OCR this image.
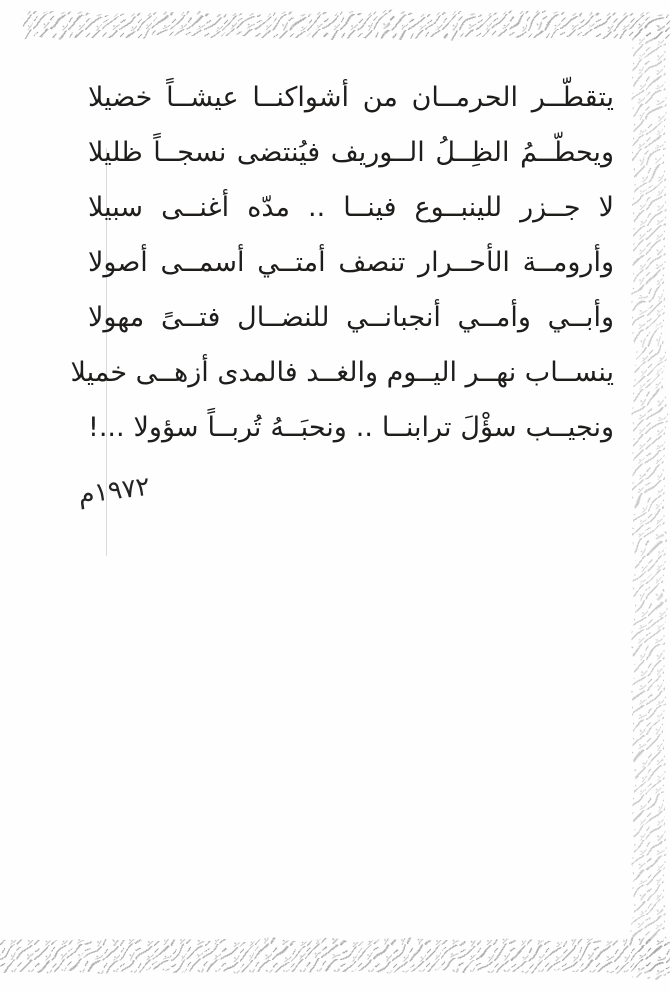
يتقطّــر الحرمــان من أشواكنــا عيشــاً خضيلا
ويحطّــمُ الظِــلُ الــوريف فيُنتضى نسجــاً ظليلا
لا جــزر للينبــوع فينــا .. مدّه أغنــى سبيلا
وأرومــة الأحــرار تنصف أمتــي أسمــى أصولا
وأبــي وأمــي أنجبانــي للنضــال فتــىً مهولا
ينســاب نهــر اليــوم والغــد فالمدى أزهــى خميلا
ونجيــب سؤْلَ ترابنــا .. ونحبَــهُ تُربــاً سؤولا ...!
١٩٧٢م
